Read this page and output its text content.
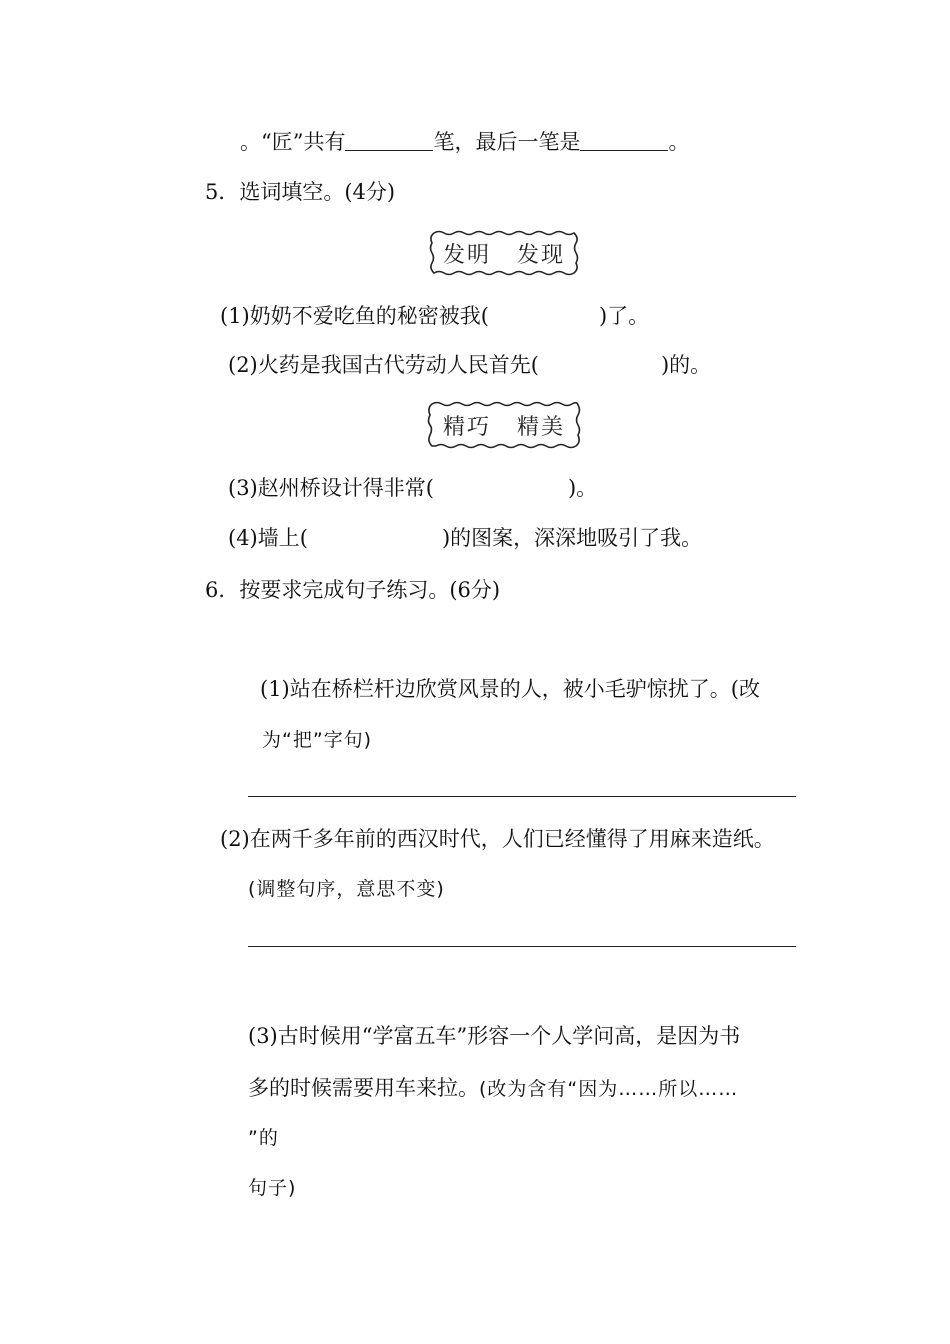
。“匠”共有	笔，最后一笔是	。
5．选词填空。(4分)
发明 发现
(1)奶奶不爱吃鱼的秘密被我(	)了。
(2)火药是我国古代劳动人民首先(	)的。
精巧 精美
(3)赵州桥设计得非常(	)。
(4)墙上(	)的图案，深深地吸引了我。
6．按要求完成句子练习。(6分)
(1)站在桥栏杆边欣赏风景的人，被小毛驴惊扰了。(改
为“把”字句)
(2)在两千多年前的西汉时代，人们已经懂得了用麻来造纸。
(调整句序，意思不变)
(3)古时候用“学富五车”形容一个人学问高，是因为书
多的时候需要用车来拉。(改为含有“因为……所以……
”的
句子)
